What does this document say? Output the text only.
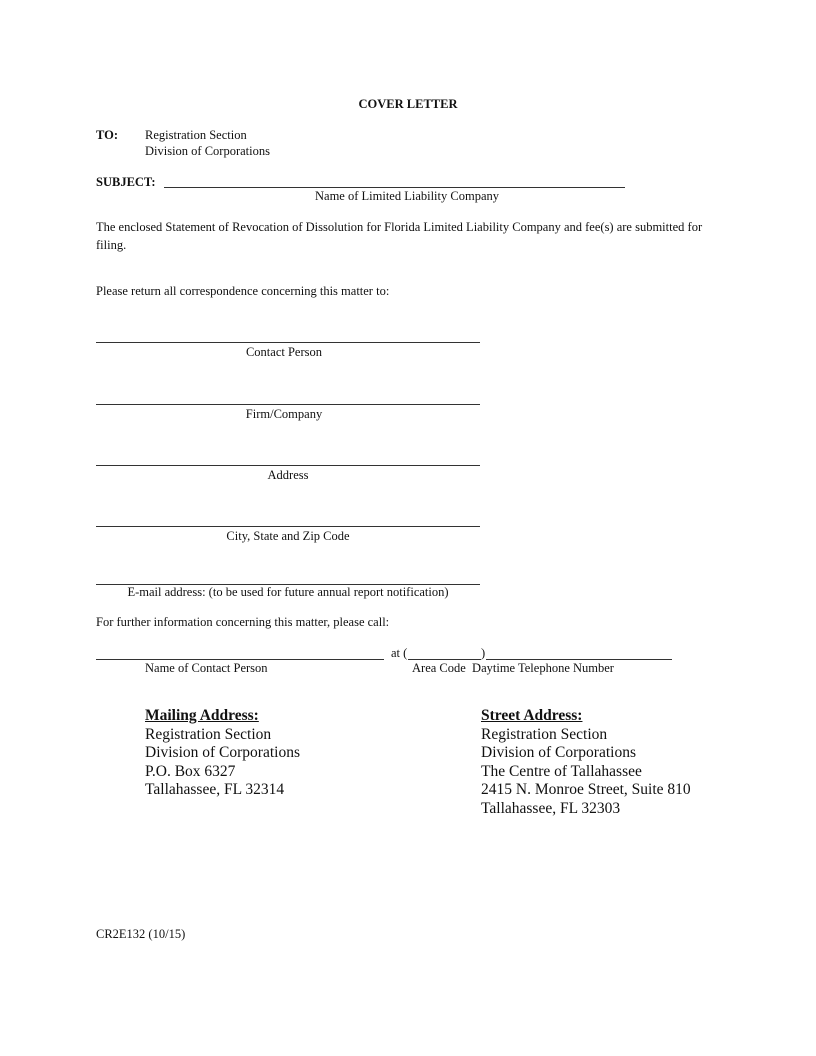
COVER LETTER
TO: Registration Section
Division of Corporations
SUBJECT:
Name of Limited Liability Company
The enclosed Statement of Revocation of Dissolution for Florida Limited Liability Company and fee(s) are submitted for filing.
Please return all correspondence concerning this matter to:
Contact Person
Firm/Company
Address
City, State and Zip Code
E-mail address: (to be used for future annual report notification)
For further information concerning this matter, please call:
at (	)
Name of Contact Person	Area Code  Daytime Telephone Number
Mailing Address:
Registration Section
Division of Corporations
P.O. Box 6327
Tallahassee, FL 32314
Street Address:
Registration Section
Division of Corporations
The Centre of Tallahassee
2415 N. Monroe Street, Suite 810
Tallahassee, FL 32303
CR2E132 (10/15)
